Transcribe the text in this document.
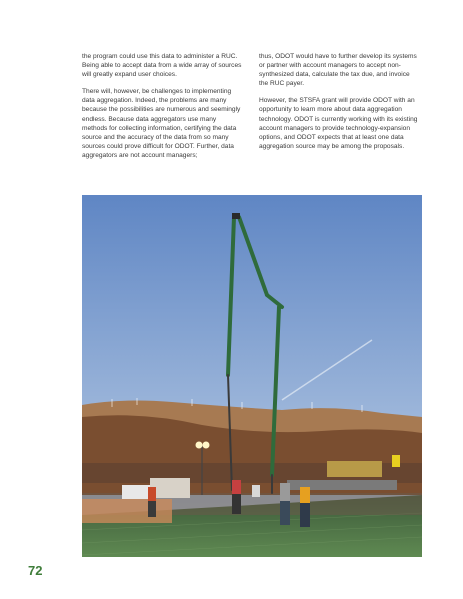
the program could use this data to administer a RUC. Being able to accept data from a wide array of sources will greatly expand user choices.

There will, however, be challenges to implementing data aggregation. Indeed, the problems are many because the possibilities are numerous and seemingly endless. Because data aggregators use many methods for collecting information, certifying the data source and the accuracy of the data from so many sources could prove difficult for ODOT. Further, data aggregators are not account managers;

thus, ODOT would have to further develop its systems or partner with account managers to accept non-synthesized data, calculate the tax due, and invoice the RUC payer.

However, the STSFA grant will provide ODOT with an opportunity to learn more about data aggregation technology. ODOT is currently working with its existing account managers to provide technology-expansion options, and ODOT expects that at least one data aggregation source may be among the proposals.

72
